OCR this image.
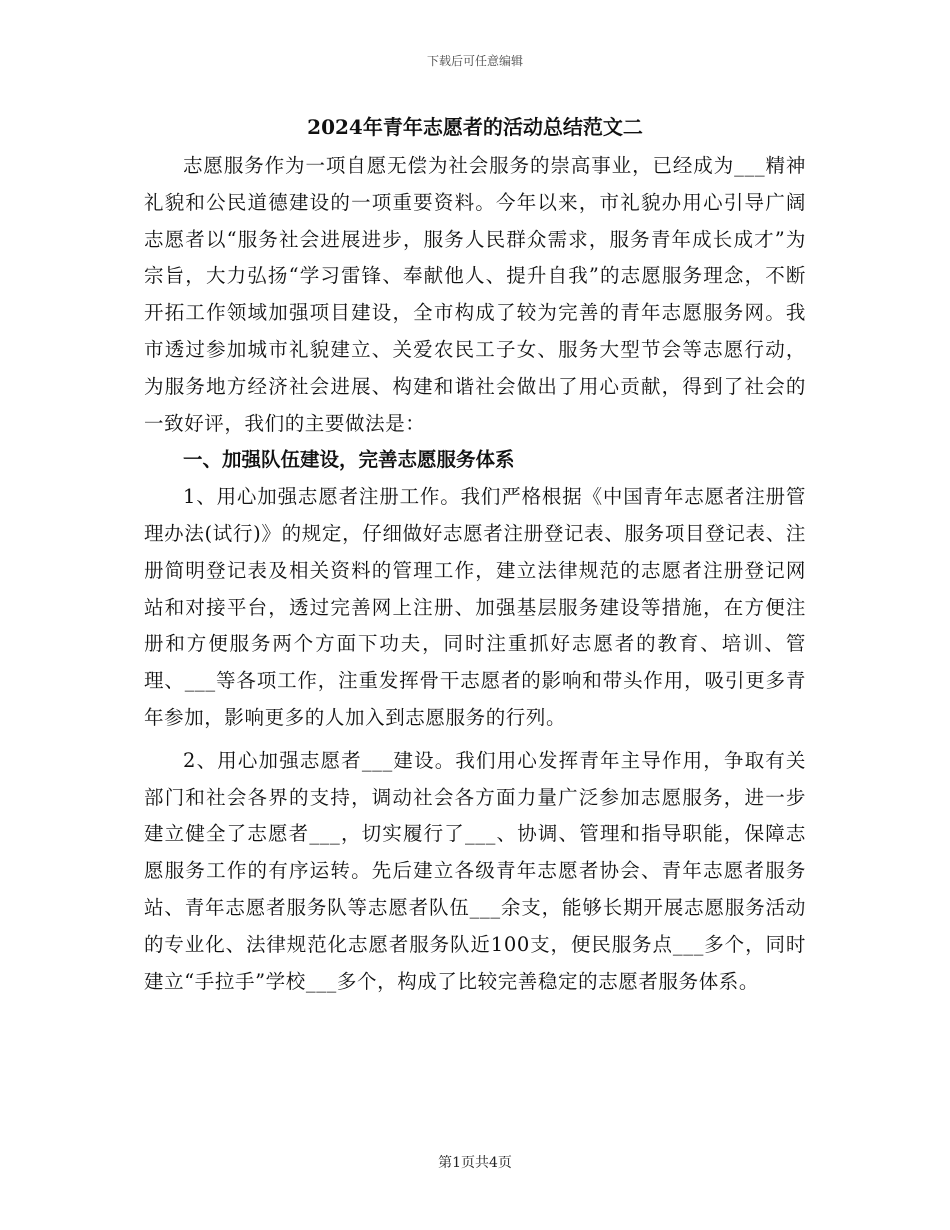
下载后可任意编辑
2024年青年志愿者的活动总结范文二

志愿服务作为一项自愿无偿为社会服务的崇高事业，已经成为___精神礼貌和公民道德建设的一项重要资料。今年以来，市礼貌办用心引导广阔志愿者以“服务社会进展进步，服务人民群众需求，服务青年成长成才”为宗旨，大力弘扬“学习雷锋、奉献他人、提升自我”的志愿服务理念，不断开拓工作领域加强项目建设，全市构成了较为完善的青年志愿服务网。我市透过参加城市礼貌建立、关爱农民工子女、服务大型节会等志愿行动，为服务地方经济社会进展、构建和谐社会做出了用心贡献，得到了社会的一致好评，我们的主要做法是：

一、加强队伍建设，完善志愿服务体系

1、用心加强志愿者注册工作。我们严格根据《中国青年志愿者注册管理办法(试行)》的规定，仔细做好志愿者注册登记表、服务项目登记表、注册简明登记表及相关资料的管理工作，建立法律规范的志愿者注册登记网站和对接平台，透过完善网上注册、加强基层服务建设等措施，在方便注册和方便服务两个方面下功夫，同时注重抓好志愿者的教育、培训、管理、___等各项工作，注重发挥骨干志愿者的影响和带头作用，吸引更多青年参加，影响更多的人加入到志愿服务的行列。

2、用心加强志愿者___建设。我们用心发挥青年主导作用，争取有关部门和社会各界的支持，调动社会各方面力量广泛参加志愿服务，进一步建立健全了志愿者___，切实履行了___、协调、管理和指导职能，保障志愿服务工作的有序运转。先后建立各级青年志愿者协会、青年志愿者服务站、青年志愿者服务队等志愿者队伍___余支，能够长期开展志愿服务活动的专业化、法律规范化志愿者服务队近100支，便民服务点___多个，同时建立“手拉手”学校___多个，构成了比较完善稳定的志愿者服务体系。

第1页共4页
